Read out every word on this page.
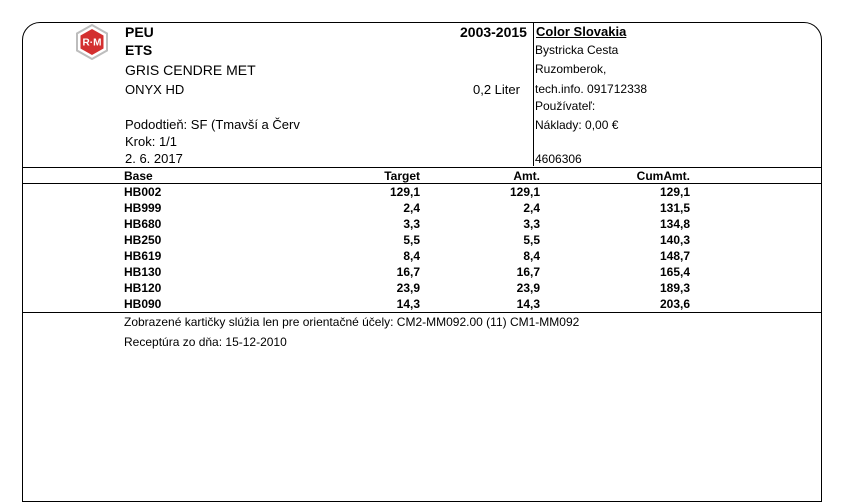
R·M
PEU
ETS
GRIS CENDRE MET
ONYX HD
2003-2015
0,2 Liter
Pododtieň: SF (Tmavší a Červ
Krok: 1/1
2. 6. 2017
Color Slovakia
Bystricka Cesta
Ruzomberok,
tech.info. 091712338
Používateľ:
Náklady: 0,00 €
4606306
Base	Target	Amt.	CumAmt.
HB002	129,1	129,1	129,1
HB999	2,4	2,4	131,5
HB680	3,3	3,3	134,8
HB250	5,5	5,5	140,3
HB619	8,4	8,4	148,7
HB130	16,7	16,7	165,4
HB120	23,9	23,9	189,3
HB090	14,3	14,3	203,6
Zobrazené kartičky slúžia len pre orientačné účely: CM2-MM092.00 (11) CM1-MM092
Receptúra zo dňa: 15-12-2010
